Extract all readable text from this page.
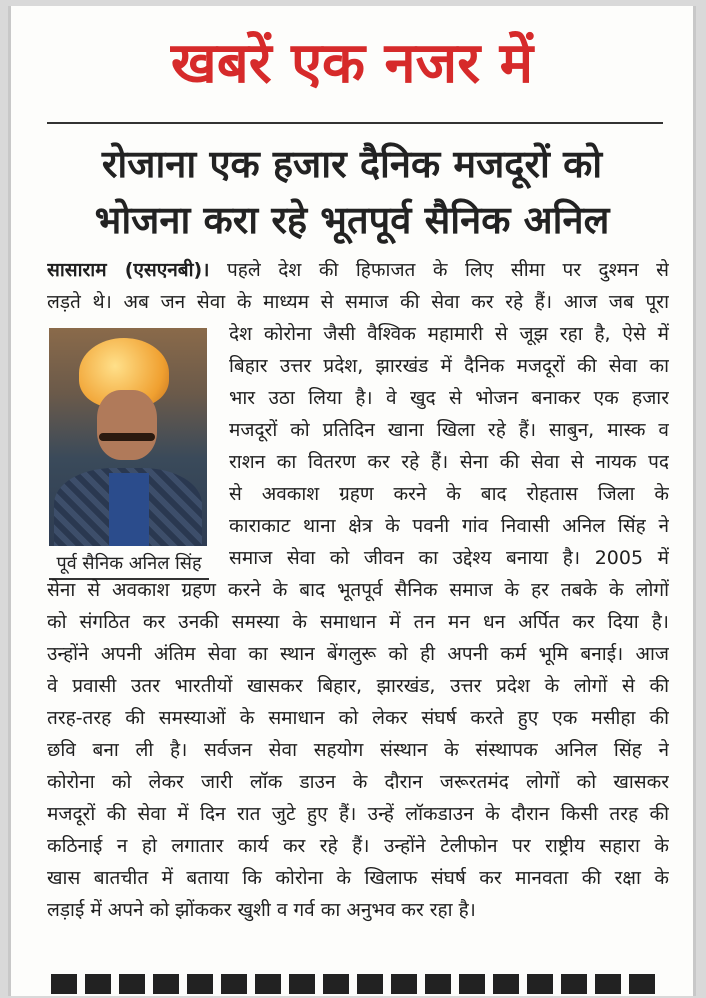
खबरें एक नजर में
रोजाना एक हजार दैनिक मजदूरों को
भोजना करा रहे भूतपूर्व सैनिक अनिल
पूर्व सैनिक अनिल सिंह
सासाराम (एसएनबी)। पहले देश की हिफाजत के लिए सीमा पर दुश्मन से
लड़ते थे। अब जन सेवा के माध्यम से समाज की सेवा कर रहे हैं। आज जब पूरा
देश कोरोना जैसी वैश्विक महामारी से जूझ रहा है, ऐसे में
बिहार उत्तर प्रदेश, झारखंड में दैनिक मजदूरों की सेवा का
भार उठा लिया है। वे खुद से भोजन बनाकर एक हजार
मजदूरों को प्रतिदिन खाना खिला रहे हैं। साबुन, मास्क व
राशन का वितरण कर रहे हैं। सेना की सेवा से नायक पद
से अवकाश ग्रहण करने के बाद रोहतास जिला के
काराकाट थाना क्षेत्र के पवनी गांव निवासी अनिल सिंह ने
समाज सेवा को जीवन का उद्देश्य बनाया है। 2005 में
सेना से अवकाश ग्रहण करने के बाद भूतपूर्व सैनिक समाज के हर तबके के लोगों
को संगठित कर उनकी समस्या के समाधान में तन मन धन अर्पित कर दिया है।
उन्होंने अपनी अंतिम सेवा का स्थान बेंगलुरू को ही अपनी कर्म भूमि बनाई। आज
वे प्रवासी उतर भारतीयों खासकर बिहार, झारखंड, उत्तर प्रदेश के लोगों से की
तरह-तरह की समस्याओं के समाधान को लेकर संघर्ष करते हुए एक मसीहा की
छवि बना ली है। सर्वजन सेवा सहयोग संस्थान के संस्थापक अनिल सिंह ने
कोरोना को लेकर जारी लॉक डाउन के दौरान जरूरतमंद लोगों को खासकर
मजदूरों की सेवा में दिन रात जुटे हुए हैं। उन्हें लॉकडाउन के दौरान किसी तरह की
कठिनाई न हो लगातार कार्य कर रहे हैं। उन्होंने टेलीफोन पर राष्ट्रीय सहारा के
खास बातचीत में बताया कि कोरोना के खिलाफ संघर्ष कर मानवता की रक्षा के
लड़ाई में अपने को झोंककर खुशी व गर्व का अनुभव कर रहा है।
